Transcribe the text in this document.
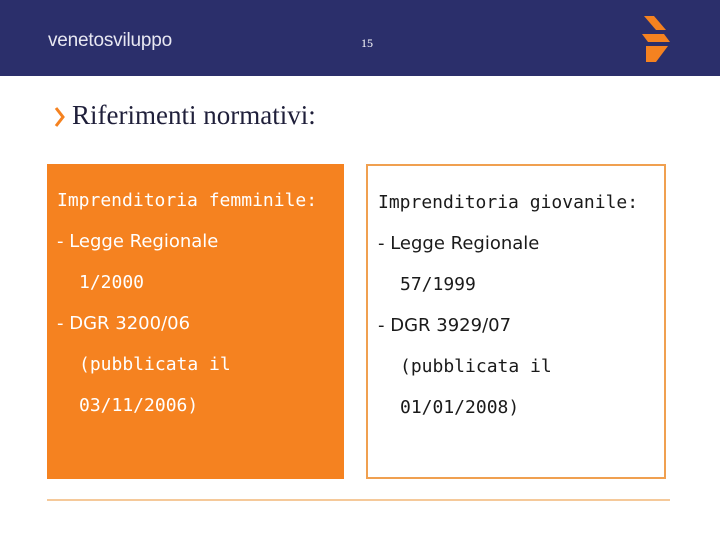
venetosviluppo	15
Riferimenti normativi:
Imprenditoria femminile:
- Legge Regionale
1/2000
- DGR 3200/06
(pubblicata il
03/11/2006)
Imprenditoria giovanile:
- Legge Regionale
57/1999
- DGR 3929/07
(pubblicata il
01/01/2008)
